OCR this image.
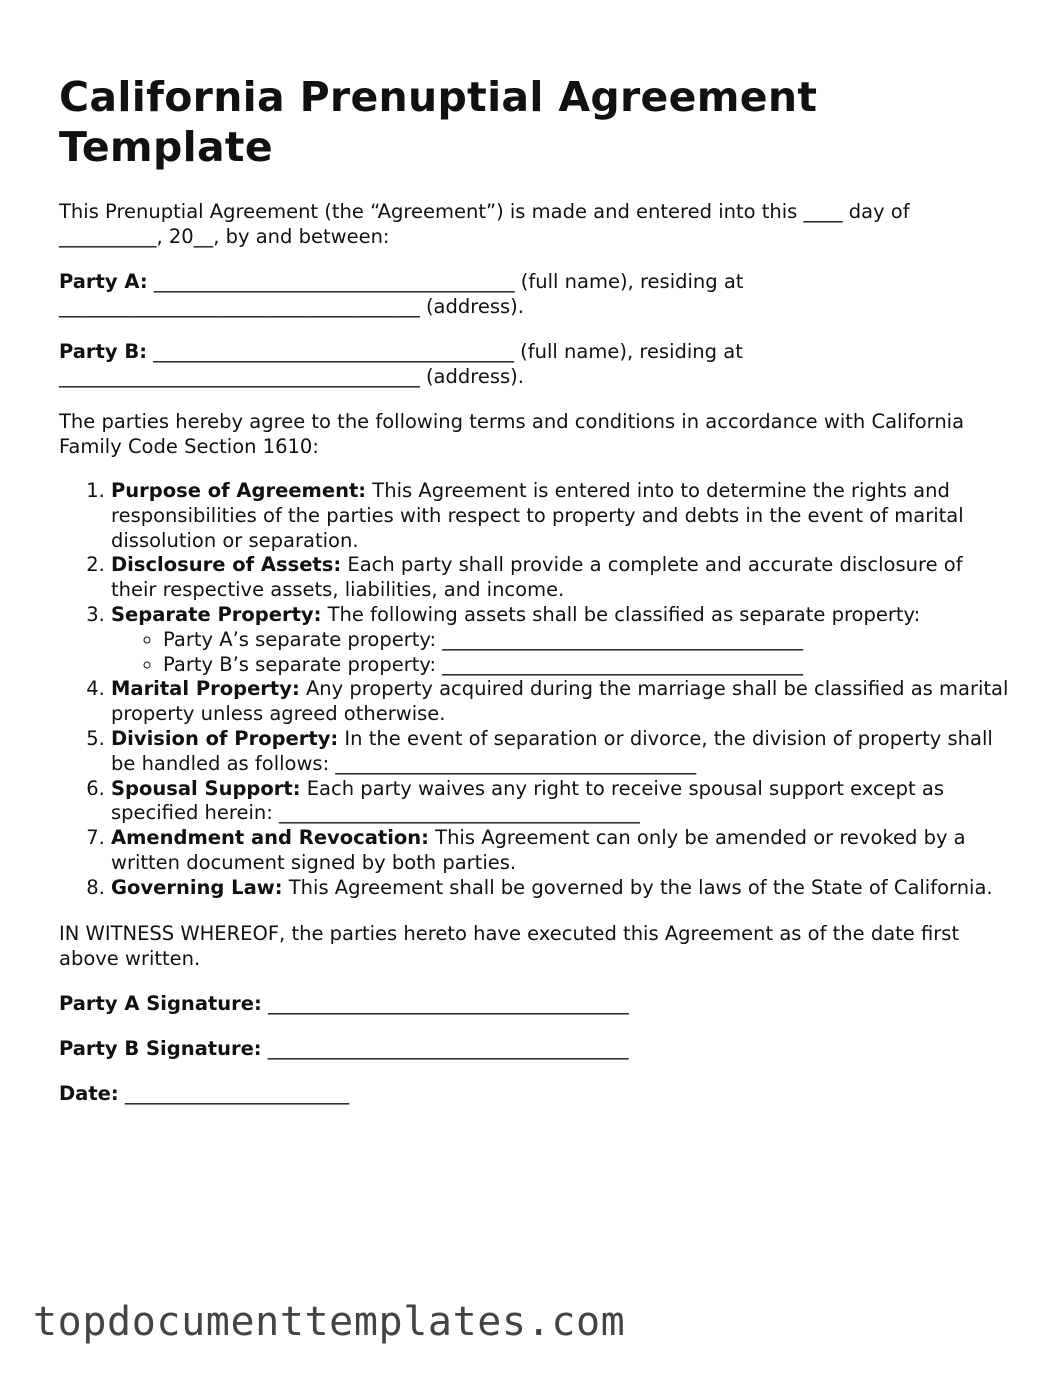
California Prenuptial Agreement Template

This Prenuptial Agreement (the “Agreement”) is made and entered into this ____ day of __________, 20__, by and between:

Party A: _____________________________________ (full name), residing at _____________________________________ (address).

Party B: _____________________________________ (full name), residing at _____________________________________ (address).

The parties hereby agree to the following terms and conditions in accordance with California Family Code Section 1610:

1. Purpose of Agreement: This Agreement is entered into to determine the rights and responsibilities of the parties with respect to property and debts in the event of marital dissolution or separation.
2. Disclosure of Assets: Each party shall provide a complete and accurate disclosure of their respective assets, liabilities, and income.
3. Separate Property: The following assets shall be classified as separate property:
◦ Party A’s separate property: _____________________________________
◦ Party B’s separate property: _____________________________________
4. Marital Property: Any property acquired during the marriage shall be classified as marital property unless agreed otherwise.
5. Division of Property: In the event of separation or divorce, the division of property shall be handled as follows: _____________________________________
6. Spousal Support: Each party waives any right to receive spousal support except as specified herein: _____________________________________
7. Amendment and Revocation: This Agreement can only be amended or revoked by a written document signed by both parties.
8. Governing Law: This Agreement shall be governed by the laws of the State of California.

IN WITNESS WHEREOF, the parties hereto have executed this Agreement as of the date first above written.

Party A Signature: _____________________________________

Party B Signature: _____________________________________

Date: _______________________

topdocumenttemplates.com
